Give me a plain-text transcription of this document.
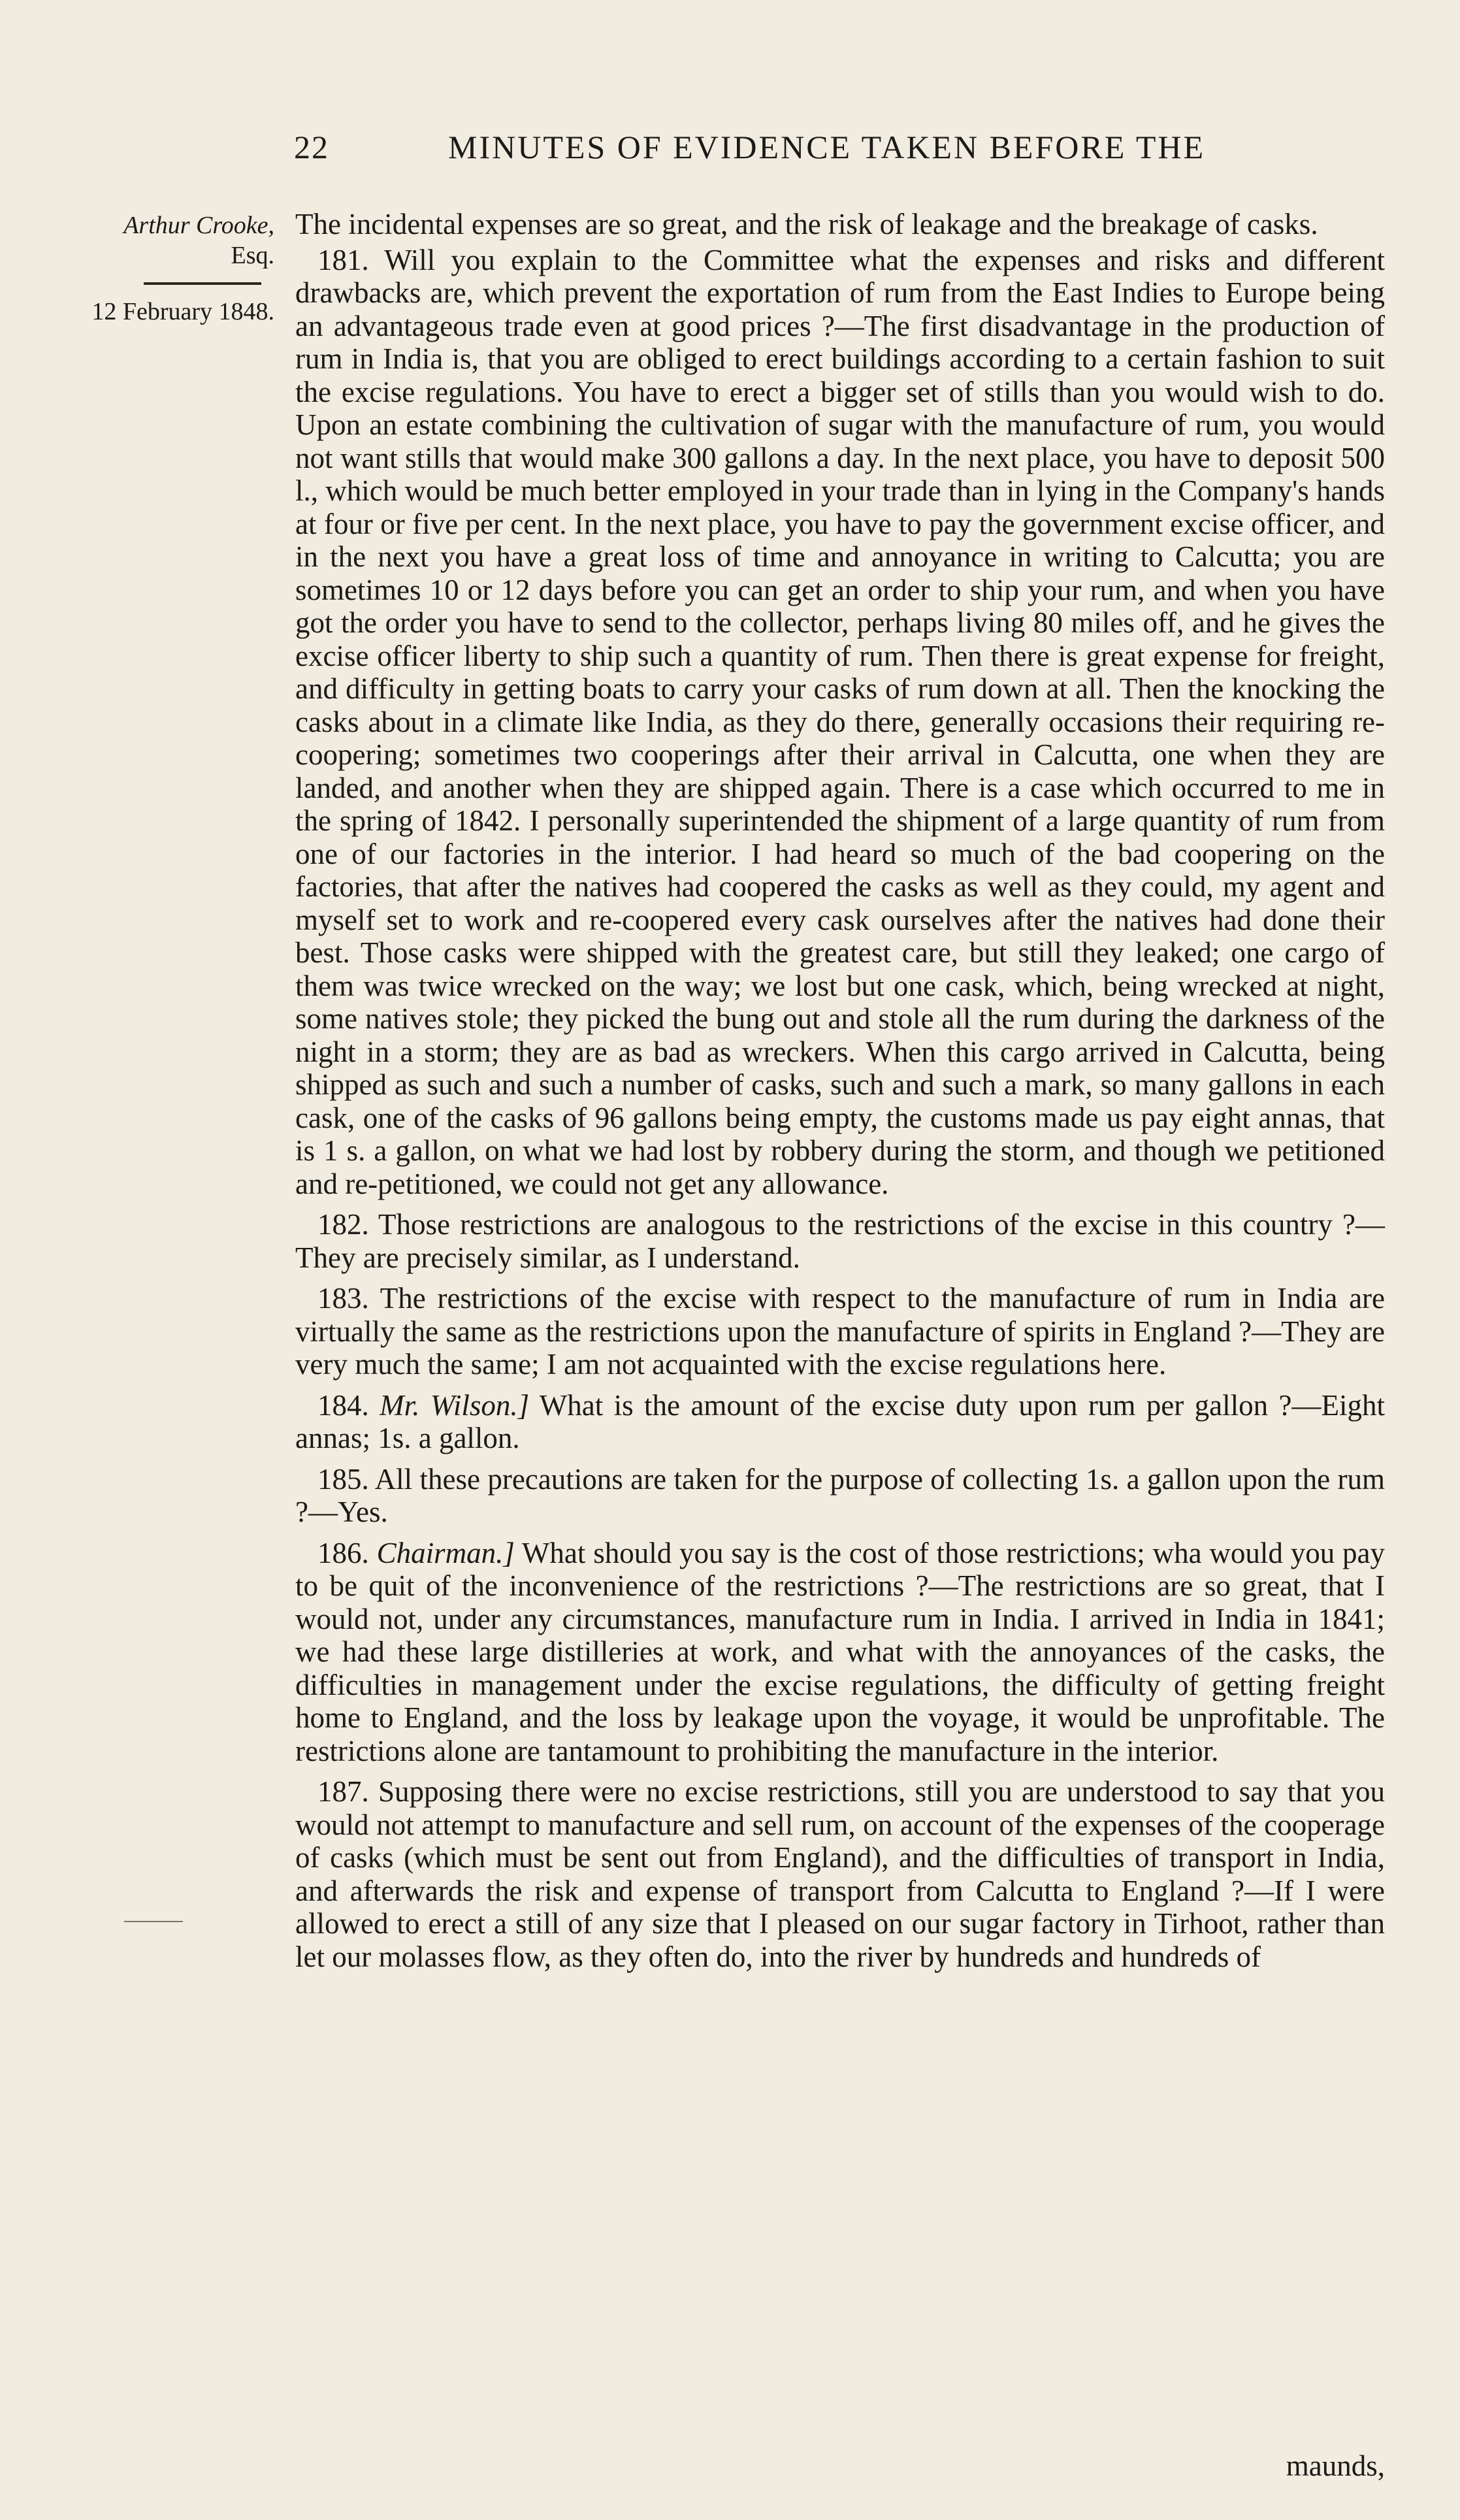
22	MINUTES OF EVIDENCE TAKEN BEFORE THE
Arthur Crooke,
Esq.
12 February 1848.

The incidental expenses are so great, and the risk of leakage and the breakage of casks.

181. Will you explain to the Committee what the expenses and risks and different drawbacks are, which prevent the exportation of rum from the East Indies to Europe being an advantageous trade even at good prices ?—The first disadvantage in the production of rum in India is, that you are obliged to erect buildings according to a certain fashion to suit the excise regulations. You have to erect a bigger set of stills than you would wish to do. Upon an estate combining the cultivation of sugar with the manufacture of rum, you would not want stills that would make 300 gallons a day. In the next place, you have to deposit 500 l., which would be much better employed in your trade than in lying in the Company's hands at four or five per cent. In the next place, you have to pay the government excise officer, and in the next you have a great loss of time and annoyance in writing to Calcutta; you are sometimes 10 or 12 days before you can get an order to ship your rum, and when you have got the order you have to send to the collector, perhaps living 80 miles off, and he gives the excise officer liberty to ship such a quantity of rum. Then there is great expense for freight, and difficulty in getting boats to carry your casks of rum down at all. Then the knocking the casks about in a climate like India, as they do there, generally occasions their requiring re-coopering; sometimes two cooperings after their arrival in Calcutta, one when they are landed, and another when they are shipped again. There is a case which occurred to me in the spring of 1842. I personally superintended the shipment of a large quantity of rum from one of our factories in the interior. I had heard so much of the bad coopering on the factories, that after the natives had coopered the casks as well as they could, my agent and myself set to work and re-coopered every cask ourselves after the natives had done their best. Those casks were shipped with the greatest care, but still they leaked; one cargo of them was twice wrecked on the way; we lost but one cask, which, being wrecked at night, some natives stole; they picked the bung out and stole all the rum during the darkness of the night in a storm; they are as bad as wreckers. When this cargo arrived in Calcutta, being shipped as such and such a number of casks, such and such a mark, so many gallons in each cask, one of the casks of 96 gallons being empty, the customs made us pay eight annas, that is 1 s. a gallon, on what we had lost by robbery during the storm, and though we petitioned and re-petitioned, we could not get any allowance.

182. Those restrictions are analogous to the restrictions of the excise in this country ?—They are precisely similar, as I understand.

183. The restrictions of the excise with respect to the manufacture of rum in India are virtually the same as the restrictions upon the manufacture of spirits in England ?—They are very much the same; I am not acquainted with the excise regulations here.

184. Mr. Wilson.] What is the amount of the excise duty upon rum per gallon ?—Eight annas; 1s. a gallon.

185. All these precautions are taken for the purpose of collecting 1s. a gallon upon the rum ?—Yes.

186. Chairman.] What should you say is the cost of those restrictions; wha would you pay to be quit of the inconvenience of the restrictions ?—The restrictions are so great, that I would not, under any circumstances, manufacture rum in India. I arrived in India in 1841; we had these large distilleries at work, and what with the annoyances of the casks, the difficulties in management under the excise regulations, the difficulty of getting freight home to England, and the loss by leakage upon the voyage, it would be unprofitable. The restrictions alone are tantamount to prohibiting the manufacture in the interior.

187. Supposing there were no excise restrictions, still you are understood to say that you would not attempt to manufacture and sell rum, on account of the expenses of the cooperage of casks (which must be sent out from England), and the difficulties of transport in India, and afterwards the risk and expense of transport from Calcutta to England ?—If I were allowed to erect a still of any size that I pleased on our sugar factory in Tirhoot, rather than let our molasses flow, as they often do, into the river by hundreds and hundreds of

maunds,
